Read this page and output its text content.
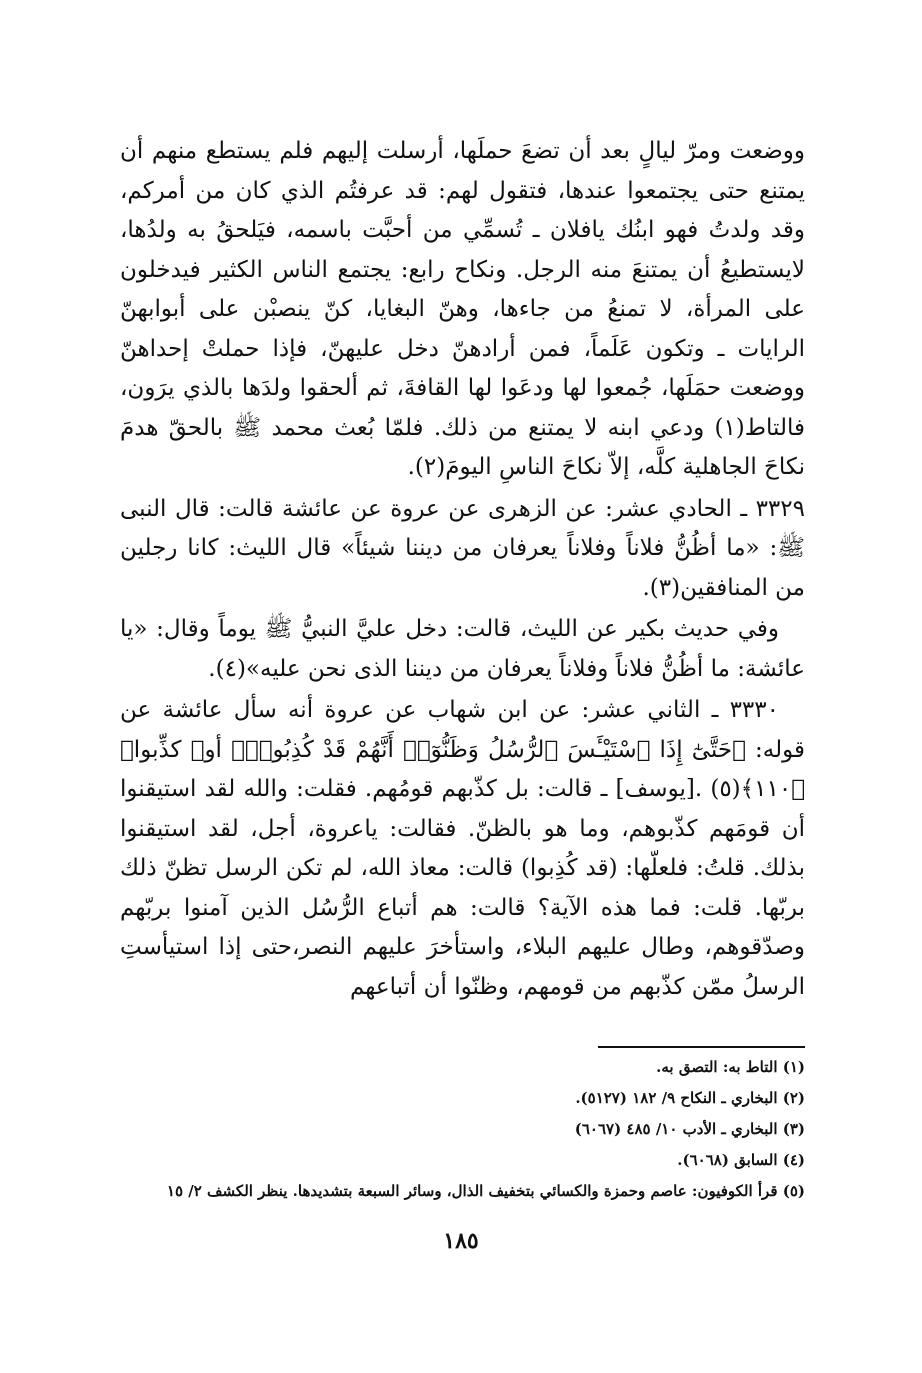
ووضعت ومرّ ليالٍ بعد أن تضعَ حملَها، أرسلت إليهم فلم يستطع منهم أن يمتنع حتى يجتمعوا عندها، فتقول لهم: قد عرفتُم الذي كان من أمركم، وقد ولدتُ فهو ابنُك يافلان ـ تُسمِّي من أحبَّت باسمه، فيَلحقُ به ولدُها، لايستطيعُ أن يمتنعَ منه الرجل. ونكاح رابع: يجتمع الناس الكثير فيدخلون على المرأة، لا تمنعُ من جاءها، وهنّ البغايا، كنّ ينصبْن على أبوابهنّ الرايات ـ وتكون عَلَماً، فمن أرادهنّ دخل عليهنّ، فإذا حملتْ إحداهنّ ووضعت حمَلَها، جُمعوا لها ودعَوا لها القافةَ، ثم ألحقوا ولدَها بالذي يرَون، فالتاط(١) ودعي ابنه لا يمتنع من ذلك. فلمّا بُعث محمد ﷺ بالحقّ هدمَ نكاحَ الجاهلية كلَّه، إلاّ نكاحَ الناسِ اليومَ(٢).

٣٣٢٩ ـ الحادي عشر: عن الزهرى عن عروة عن عائشة قالت: قال النبى ﷺ: «ما أظُنُّ فلاناً وفلاناً يعرفان من ديننا شيئاً» قال الليث: كانا رجلين من المنافقين(٣).

وفي حديث بكير عن الليث، قالت: دخل عليَّ النبيُّ ﷺ يوماً وقال: «يا عائشة: ما أظُنُّ فلاناً وفلاناً يعرفان من ديننا الذى نحن عليه»(٤).

٣٣٣٠ ـ الثاني عشر: عن ابن شهاب عن عروة أنه سأل عائشة عن قوله: ﴿حَتَّىٰٓ إِذَا ٱسْتَيْـَٔسَ ٱلرُّسُلُ وَظَنُّوٓا۟ أَنَّهُمْ قَدْ كُذِبُوا۟﴾ أو﴿ كذِّبوا﴾ ﴿١١٠﴾(٥) .[يوسف] ـ قالت: بل كذّبهم قومُهم. فقلت: والله لقد استيقنوا أن قومَهم كذّبوهم، وما هو بالظنّ. فقالت: ياعروة، أجل، لقد استيقنوا بذلك. قلتُ: فلعلّها: (قد كُذِبوا) قالت: معاذ الله، لم تكن الرسل تظنّ ذلك بربّها. قلت: فما هذه الآية؟ قالت: هم أتباع الرُّسُل الذين آمنوا بربّهم وصدّقوهم، وطال عليهم البلاء، واستأخرَ عليهم النصر،حتى إذا استيأستِ الرسلُ ممّن كذّبهم من قومهم، وظنّوا أن أتباعهم

(١) التاط به: التصق به.
(٢) البخاري ـ النكاح ٩/ ١٨٢ (٥١٢٧).
(٣) البخاري ـ الأدب ١٠/ ٤٨٥ (٦٠٦٧)
(٤) السابق (٦٠٦٨).
(٥) قرأ الكوفيون: عاصم وحمزة والكسائي بتخفيف الذال، وسائر السبعة بتشديدها. ينظر الكشف ٢/ ١٥
١٨٥
